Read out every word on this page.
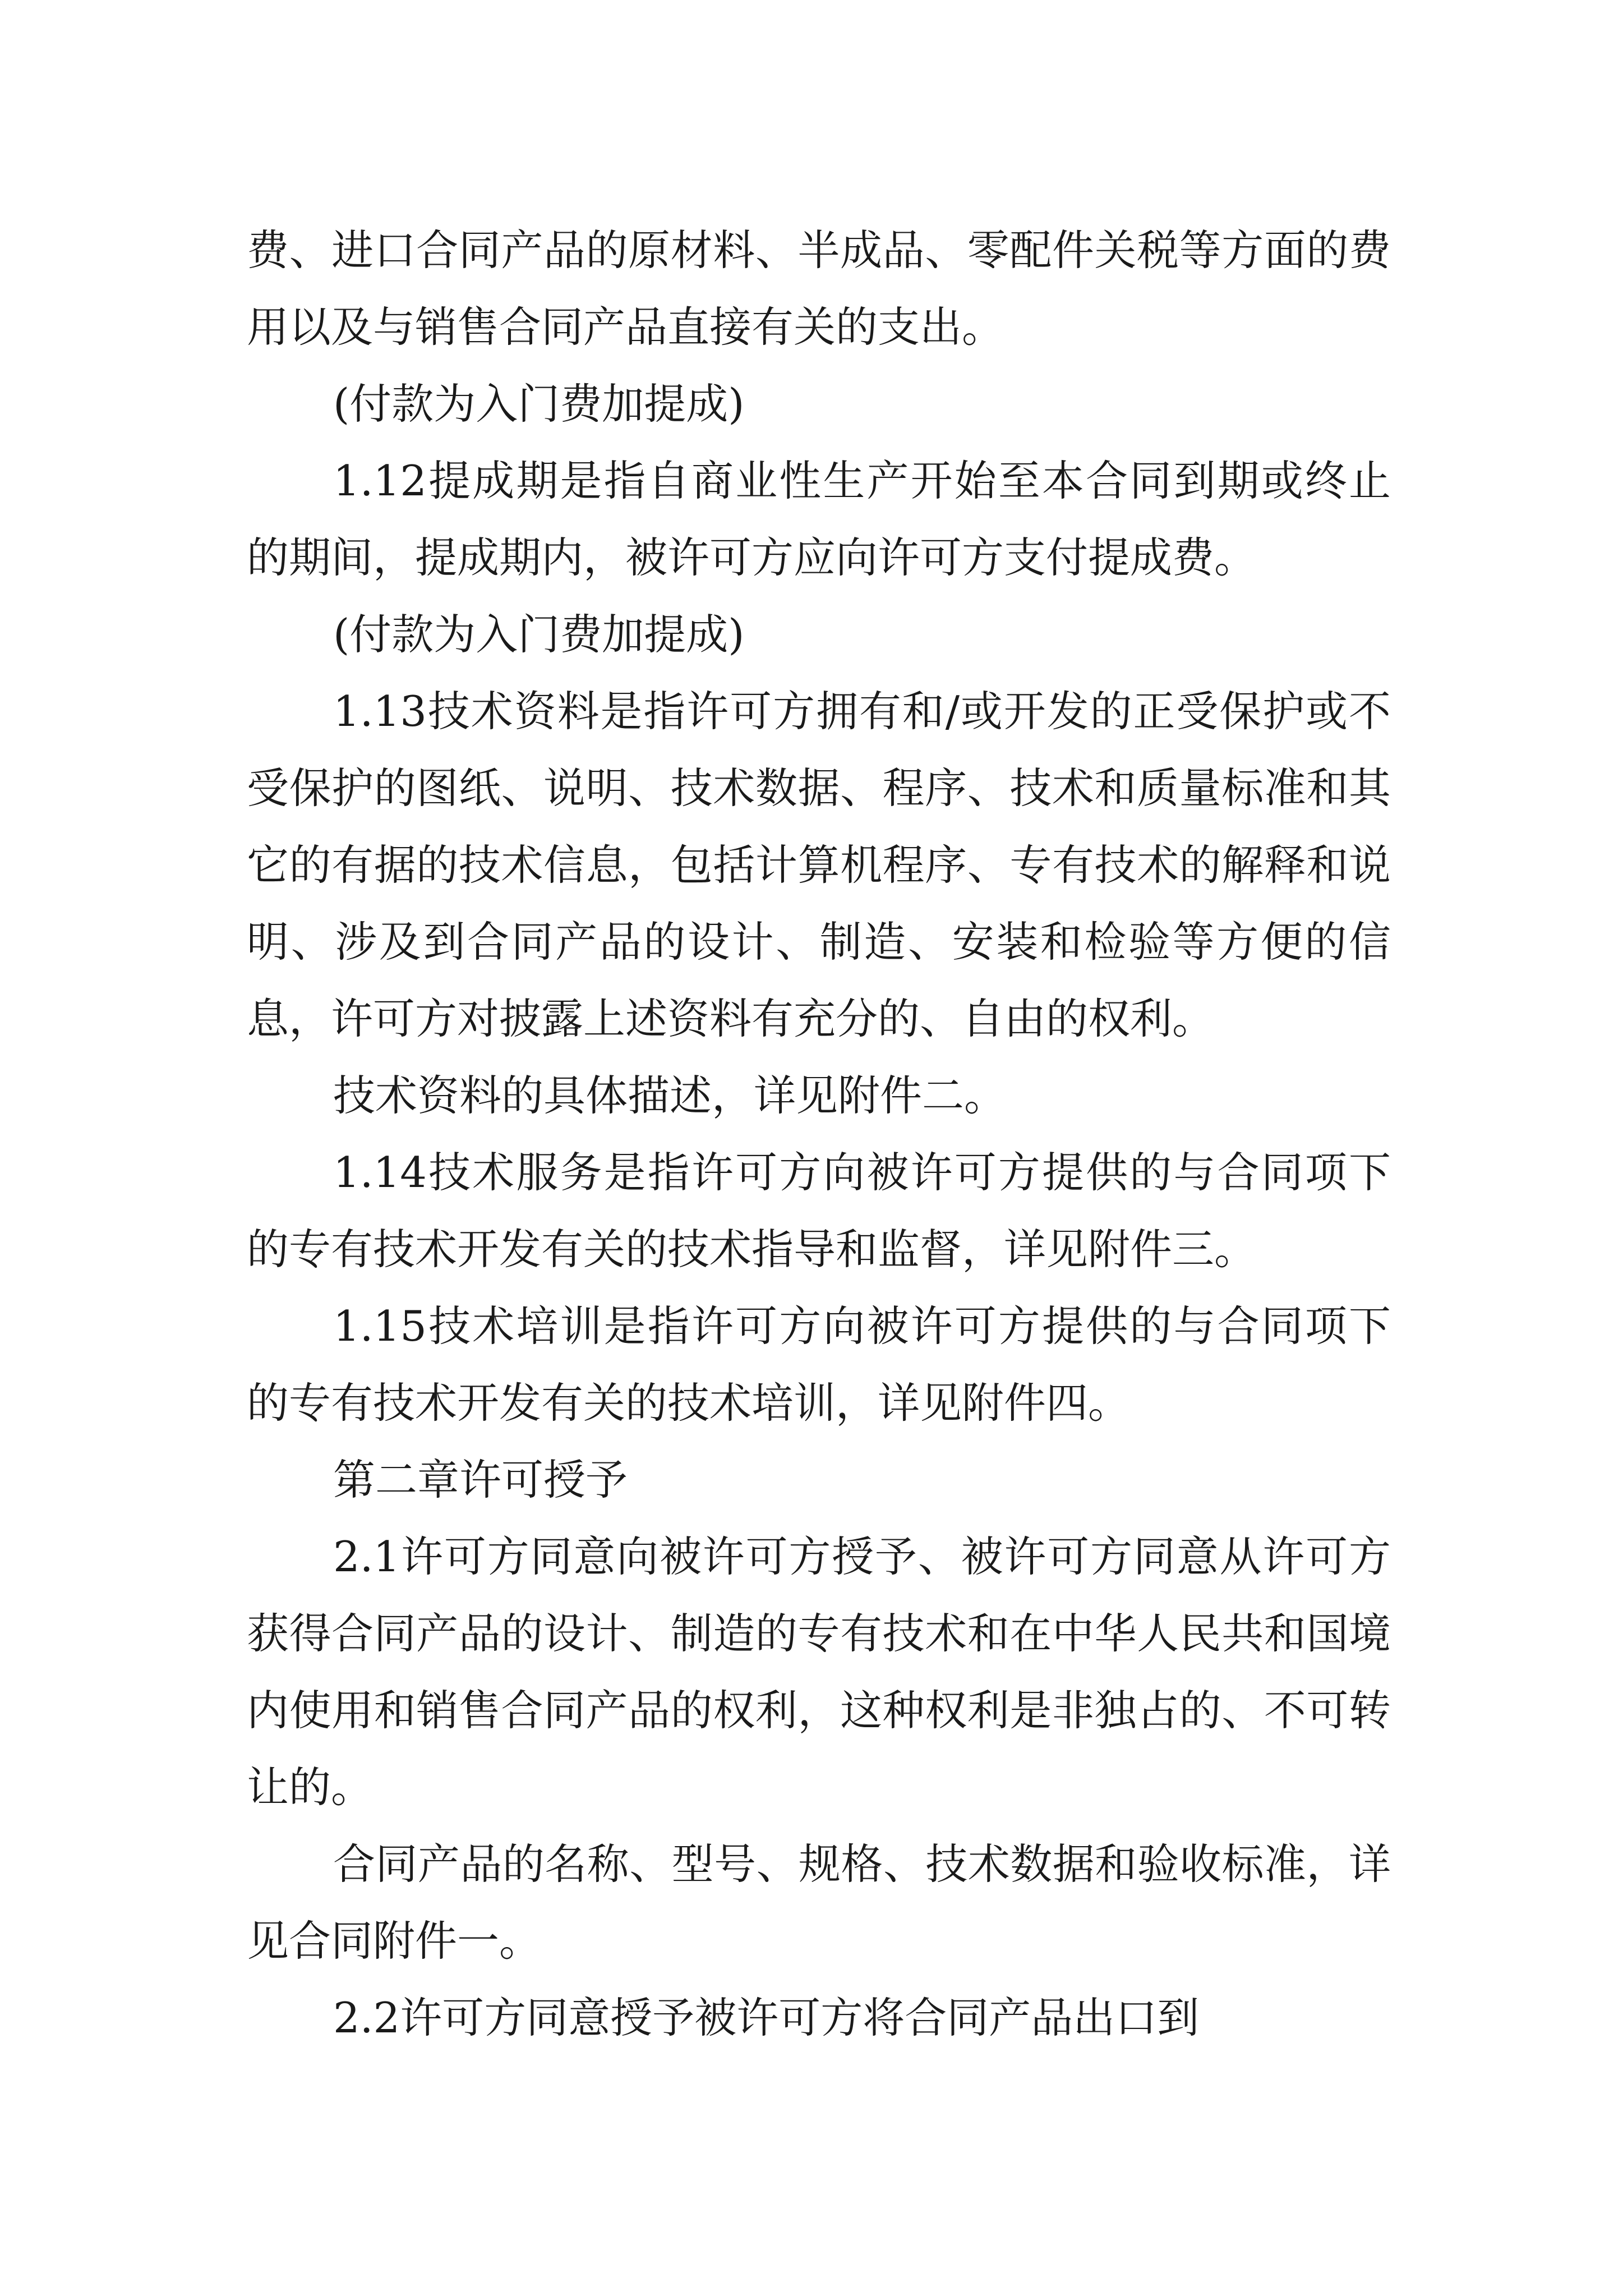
费、进口合同产品的原材料、半成品、零配件关税等方面的费用以及与销售合同产品直接有关的支出。

(付款为入门费加提成)

1.12提成期是指自商业性生产开始至本合同到期或终止的期间，提成期内，被许可方应向许可方支付提成费。

(付款为入门费加提成)

1.13技术资料是指许可方拥有和/或开发的正受保护或不受保护的图纸、说明、技术数据、程序、技术和质量标准和其它的有据的技术信息，包括计算机程序、专有技术的解释和说明、涉及到合同产品的设计、制造、安装和检验等方便的信息，许可方对披露上述资料有充分的、自由的权利。

技术资料的具体描述，详见附件二。

1.14技术服务是指许可方向被许可方提供的与合同项下的专有技术开发有关的技术指导和监督，详见附件三。

1.15技术培训是指许可方向被许可方提供的与合同项下的专有技术开发有关的技术培训，详见附件四。

第二章许可授予

2.1许可方同意向被许可方授予、被许可方同意从许可方获得合同产品的设计、制造的专有技术和在中华人民共和国境内使用和销售合同产品的权利，这种权利是非独占的、不可转让的。

合同产品的名称、型号、规格、技术数据和验收标准，详见合同附件一。

2.2许可方同意授予被许可方将合同产品出口到
